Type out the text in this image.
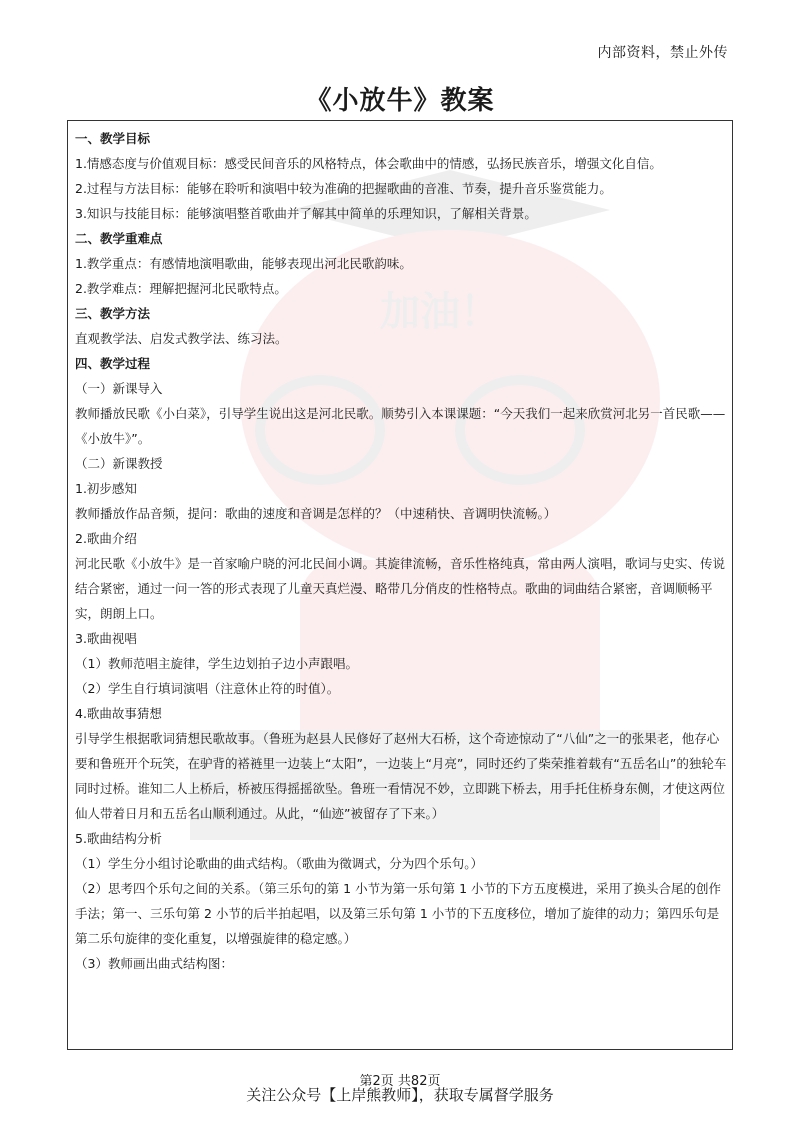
内部资料，禁止外传
《小放牛》教案
加油！

一、教学目标

1.情感态度与价值观目标：感受民间音乐的风格特点，体会歌曲中的情感，弘扬民族音乐，增强文化自信。

2.过程与方法目标：能够在聆听和演唱中较为准确的把握歌曲的音准、节奏，提升音乐鉴赏能力。

3.知识与技能目标：能够演唱整首歌曲并了解其中简单的乐理知识，了解相关背景。

二、教学重难点

1.教学重点：有感情地演唱歌曲，能够表现出河北民歌韵味。

2.教学难点：理解把握河北民歌特点。

三、教学方法

直观教学法、启发式教学法、练习法。

四、教学过程

（一）新课导入

教师播放民歌《小白菜》，引导学生说出这是河北民歌。顺势引入本课课题：“今天我们一起来欣赏河北另一首民歌——《小放牛》”。

（二）新课教授

1.初步感知

教师播放作品音频，提问：歌曲的速度和音调是怎样的？（中速稍快、音调明快流畅。）

2.歌曲介绍

河北民歌《小放牛》是一首家喻户晓的河北民间小调。其旋律流畅，音乐性格纯真，常由两人演唱，歌词与史实、传说结合紧密，通过一问一答的形式表现了儿童天真烂漫、略带几分俏皮的性格特点。歌曲的词曲结合紧密，音调顺畅平实，朗朗上口。

3.歌曲视唱

（1）教师范唱主旋律，学生边划拍子边小声跟唱。

（2）学生自行填词演唱（注意休止符的时值）。

4.歌曲故事猜想

引导学生根据歌词猜想民歌故事。（鲁班为赵县人民修好了赵州大石桥，这个奇迹惊动了“八仙”之一的张果老，他存心要和鲁班开个玩笑，在驴背的褡裢里一边装上“太阳”，一边装上“月亮”，同时还约了柴荣推着载有“五岳名山”的独轮车同时过桥。谁知二人上桥后，桥被压得摇摇欲坠。鲁班一看情况不妙，立即跳下桥去，用手托住桥身东侧，才使这两位仙人带着日月和五岳名山顺利通过。从此，“仙迹”被留存了下来。）

5.歌曲结构分析

（1）学生分小组讨论歌曲的曲式结构。（歌曲为徵调式，分为四个乐句。）

（2）思考四个乐句之间的关系。（第三乐句的第 1 小节为第一乐句第 1 小节的下方五度模进，采用了换头合尾的创作手法；第一、三乐句第 2 小节的后半拍起唱，以及第三乐句第 1 小节的下五度移位，增加了旋律的动力；第四乐句是第二乐句旋律的变化重复，以增强旋律的稳定感。）

（3）教师画出曲式结构图：

第2页 共82页
关注公众号【上岸熊教师】，获取专属督学服务
